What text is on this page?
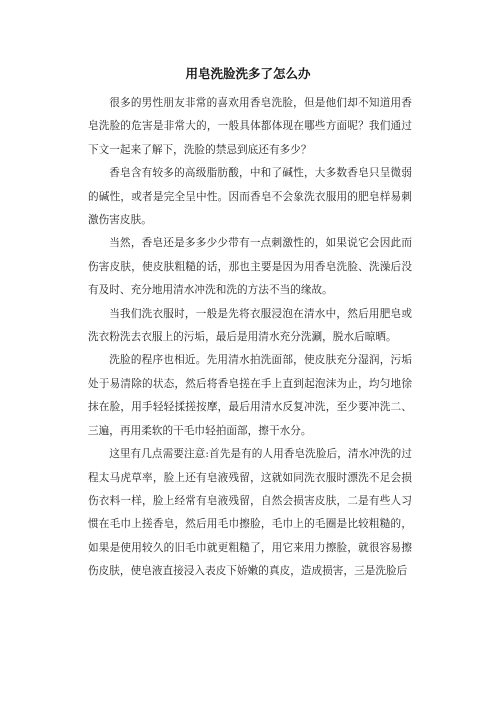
用皂洗脸洗多了怎么办

很多的男性朋友非常的喜欢用香皂洗脸，但是他们却不知道用香皂洗脸的危害是非常大的，一般具体都体现在哪些方面呢？我们通过下文一起来了解下，洗脸的禁忌到底还有多少？

香皂含有较多的高级脂肪酸，中和了碱性，大多数香皂只呈微弱的碱性，或者是完全呈中性。因而香皂不会象洗衣服用的肥皂样易刺激伤害皮肤。

当然，香皂还是多多少少带有一点刺激性的，如果说它会因此而伤害皮肤，使皮肤粗糙的话，那也主要是因为用香皂洗脸、洗澡后没有及时、充分地用清水冲洗和洗的方法不当的缘故。

当我们洗衣服时，一般是先将衣服浸泡在清水中，然后用肥皂或洗衣粉洗去衣服上的污垢，最后是用清水充分洗涮，脱水后晾晒。

洗脸的程序也相近。先用清水拍洗面部，使皮肤充分湿润，污垢处于易清除的状态，然后将香皂搓在手上直到起泡沫为止，均匀地徐抹在脸，用手轻轻揉搓按摩，最后用清水反复冲洗，至少要冲洗二、三遍，再用柔软的干毛巾轻拍面部，擦干水分。

这里有几点需要注意:首先是有的人用香皂洗脸后，清水冲洗的过程太马虎草率，脸上还有皂液残留，这就如同洗衣服时漂洗不足会损伤衣料一样，脸上经常有皂液残留，自然会损害皮肤，二是有些人习惯在毛巾上搓香皂，然后用毛巾擦脸，毛巾上的毛圈是比较粗糙的，如果是使用较久的旧毛巾就更粗糙了，用它来用力擦脸，就很容易擦伤皮肤，使皂液直接浸入表皮下娇嫩的真皮，造成损害，三是洗脸后
